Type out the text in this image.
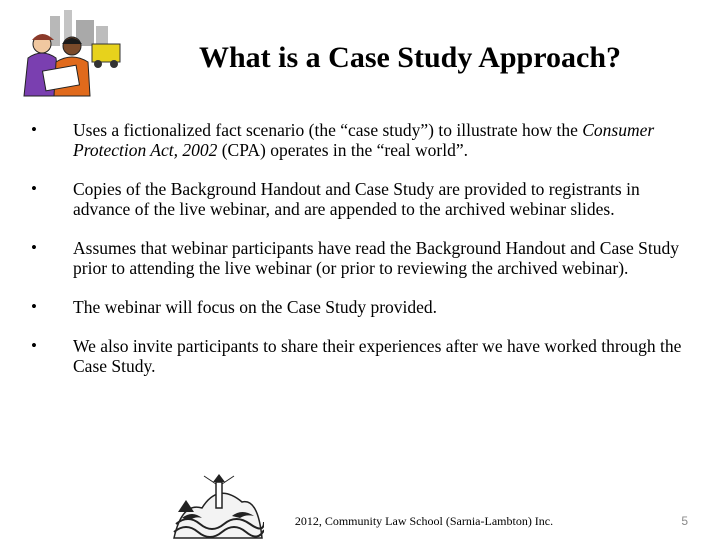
What is a Case Study Approach?
•	Uses a fictionalized fact scenario (the “case study”) to illustrate how the Consumer Protection Act, 2002 (CPA) operates in the “real world”.
•	Copies of the Background Handout and Case Study are provided to registrants in advance of the live webinar, and are appended to the archived webinar slides.
•	Assumes that webinar participants have read the Background Handout and Case Study prior to attending the live webinar (or prior to reviewing the archived webinar).
•	The webinar will focus on the Case Study provided.
•	We also invite participants to share their experiences after we have worked through the Case Study.
2012, Community Law School (Sarnia-Lambton) Inc.	5
